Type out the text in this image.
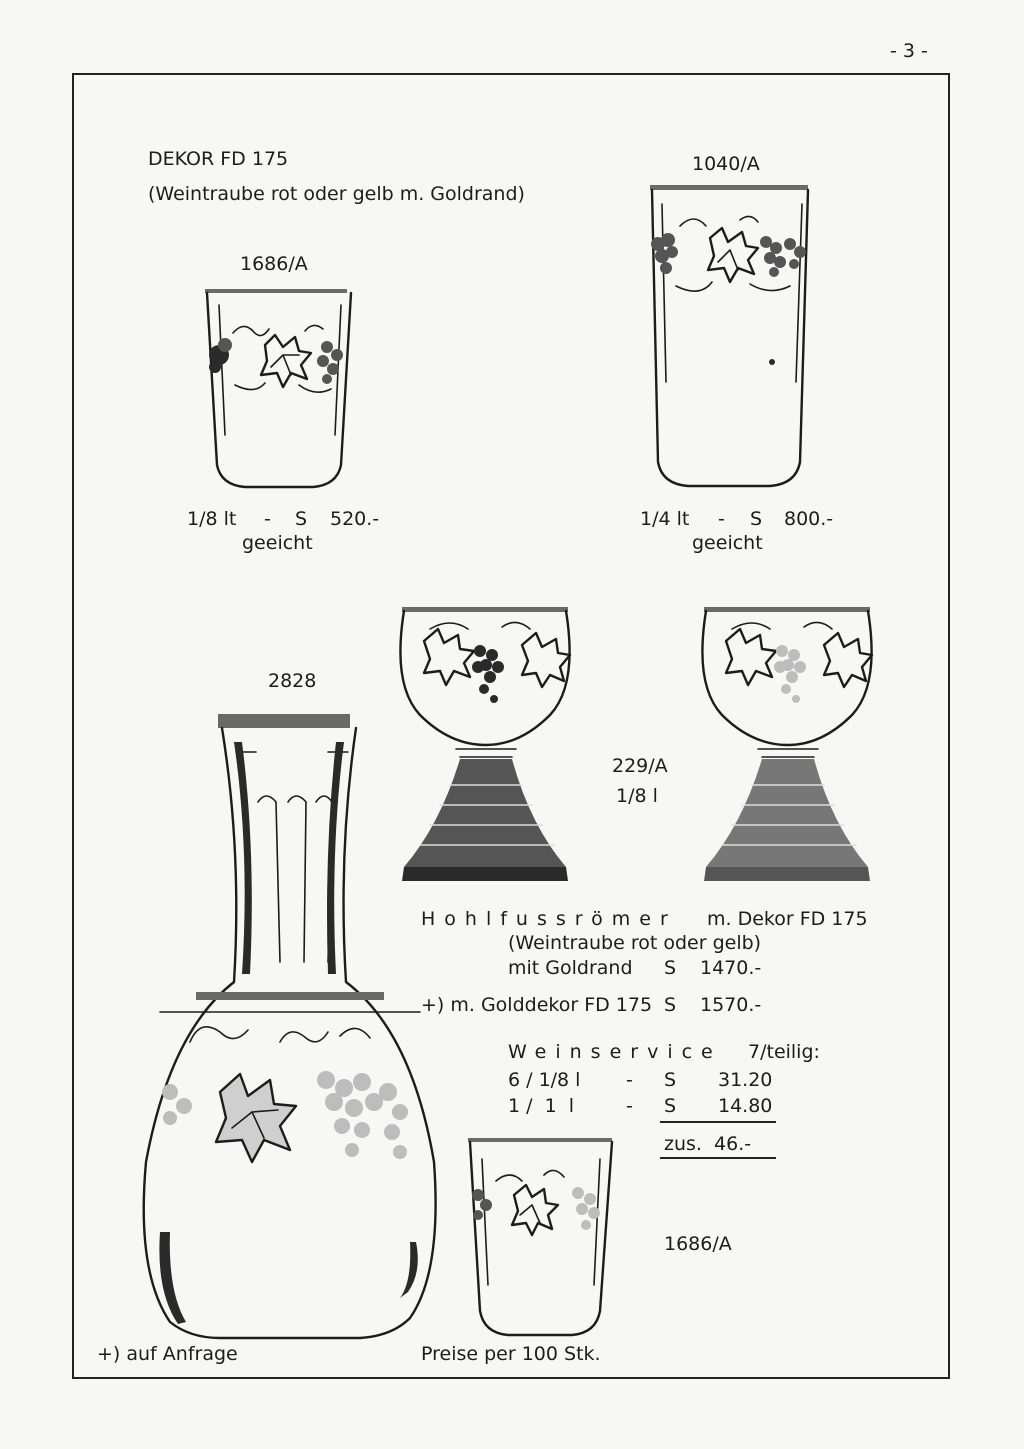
- 3 -
DEKOR FD 175
(Weintraube rot oder gelb m. Goldrand)
1686/A
1/8 lt - S 520.-
geeicht
1040/A
1/4 lt - S 800.-
geeicht
2828
229/A
1/8 l
Hohlfussrömer m. Dekor FD 175
(Weintraube rot oder gelb)
mit Goldrand S 1470.-
+) m. Golddekor FD 175 S 1570.-
Weinservice 7/teilig:
6 / 1/8 l - S 31.20
1 /  1  l	- S 14.80
zus.  46.-
1686/A
+) auf Anfrage	Preise per 100 Stk.
